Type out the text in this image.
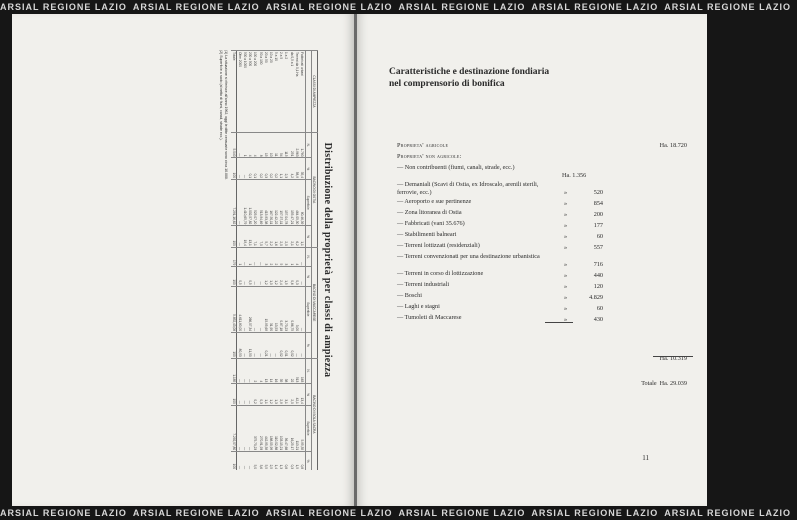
ARSIAL REGIONE LAZIO ARSIAL REGIONE LAZIO ARSIAL REGIONE LAZIO ARSIAL REGIONE LAZIO ARSIAL REGIONE LAZIO ARSIAL REGIONE LAZIO
Distribuzione della proprietà per classi di ampiezza
CLASSI DI AMPIEZZA	BACINO DI OSTIA				BACINO DI MACCARESE				BACINO DI ISOLA SACRA			
	N.	%	Superficie	%	N.	%	Superficie	%	N.	%	Superficie	%
Fabbricati urbani	1.780	35,4	80.46,39	1,1	—	—	—	—	163	13,4	5.95,35	0,8
Terreni da 0,1 Ha	2.963	58,9	464.05,30	6,2	4	0,3	3,00	—	513	42,1	113.21	1,5
da 0,5 a 1	251	4,2	155.47,21	2,1	1	0,6	0.86,75	0,02	22	2,0	16,25.17	0,3
1 a 2	115	2,3	157.04,78	2,0	3	1,5	3.73,23	0,01	38	3,1	56.47,68	0,8
2 a 5	54	1,1	157.57,11	2,0	5	2,4	0.87,18	0,02	35	2,9	103.15,21	1,3
5 a 10	11	0,2	122.42,22	1,6	2	1,2	13,53	—	16	1,3	110.02,88	1,4
10 a 20	10	0,2	167.50,11	2,2	2	1,0	31,90	—	14	1,2	188.05,99	2,5
20 a 50	15	0,3	415.93,38	5,7	3	1,2	15.95,69	0,21	13	1,1	442.95,39	5,5
50 a 100	8	0,2	513.94,69	7,0	—	—	—	—	4	0,3	270.91,93	3,6
100 a 200	4	0,1	525.07,20	7,1	—	—	—	—	2	0,2	375.70,23	5,0
200 a 500	4	0,1	1.002,57,82	13,1	1	0,5	266,07,34	11,50	—	—	—	—
500 a 1000	1	—	1.410,65,79	19,4	—	—	—	—	—	—	—	—
Oltre 2000	—	—	—	—	1	0,5	4.611,80,00	80,53	—	—	—	—
Totale	5.040	100	7.291,16,62	100	179	100	5.852,43,08	100	1.185	100	7.292,07,80	100
(1) La situazione si riferisce all'anno 1962, oggi le ditte censuarie sono circa 10.000.
(2) Superficie a ruolo (al netto di fiumi, canali, strade ecc.).	Caratteristiche e destinazione fondiaria
nel comprensorio di bonifica
Proprieta' agricole	Ha. 18.720
Proprieta' non agricole:
— Non contribuenti (fiumi, canali, strade, ecc.)
Ha. 1.356
— Demaniali (Scavi di Ostia, ex Idroscalo, arenili sterili, ferrovie, ecc.)	»	520
— Aeroporto e sue pertinenze	»	854
— Zona litoranea di Ostia	»	200
— Fabbricati (vani 35.676)	»	177
— Stabilimenti balneari	»	60
— Terreni lottizzati (residenziali)	»	557
— Terreni convenzionati per una destinazione urbanistica
»	716
— Terreni in corso di lottizzazione	»	440
— Terreni industriali	»	120
— Boschi	»	4.829
— Laghi e stagni	»	60
— Tumoleti di Maccarese	»	430
Ha. 10.319
Totale Ha. 29.039
11
ARSIAL REGIONE LAZIO ARSIAL REGIONE LAZIO ARSIAL REGIONE LAZIO ARSIAL REGIONE LAZIO ARSIAL REGIONE LAZIO ARSIAL REGIONE LAZIO
